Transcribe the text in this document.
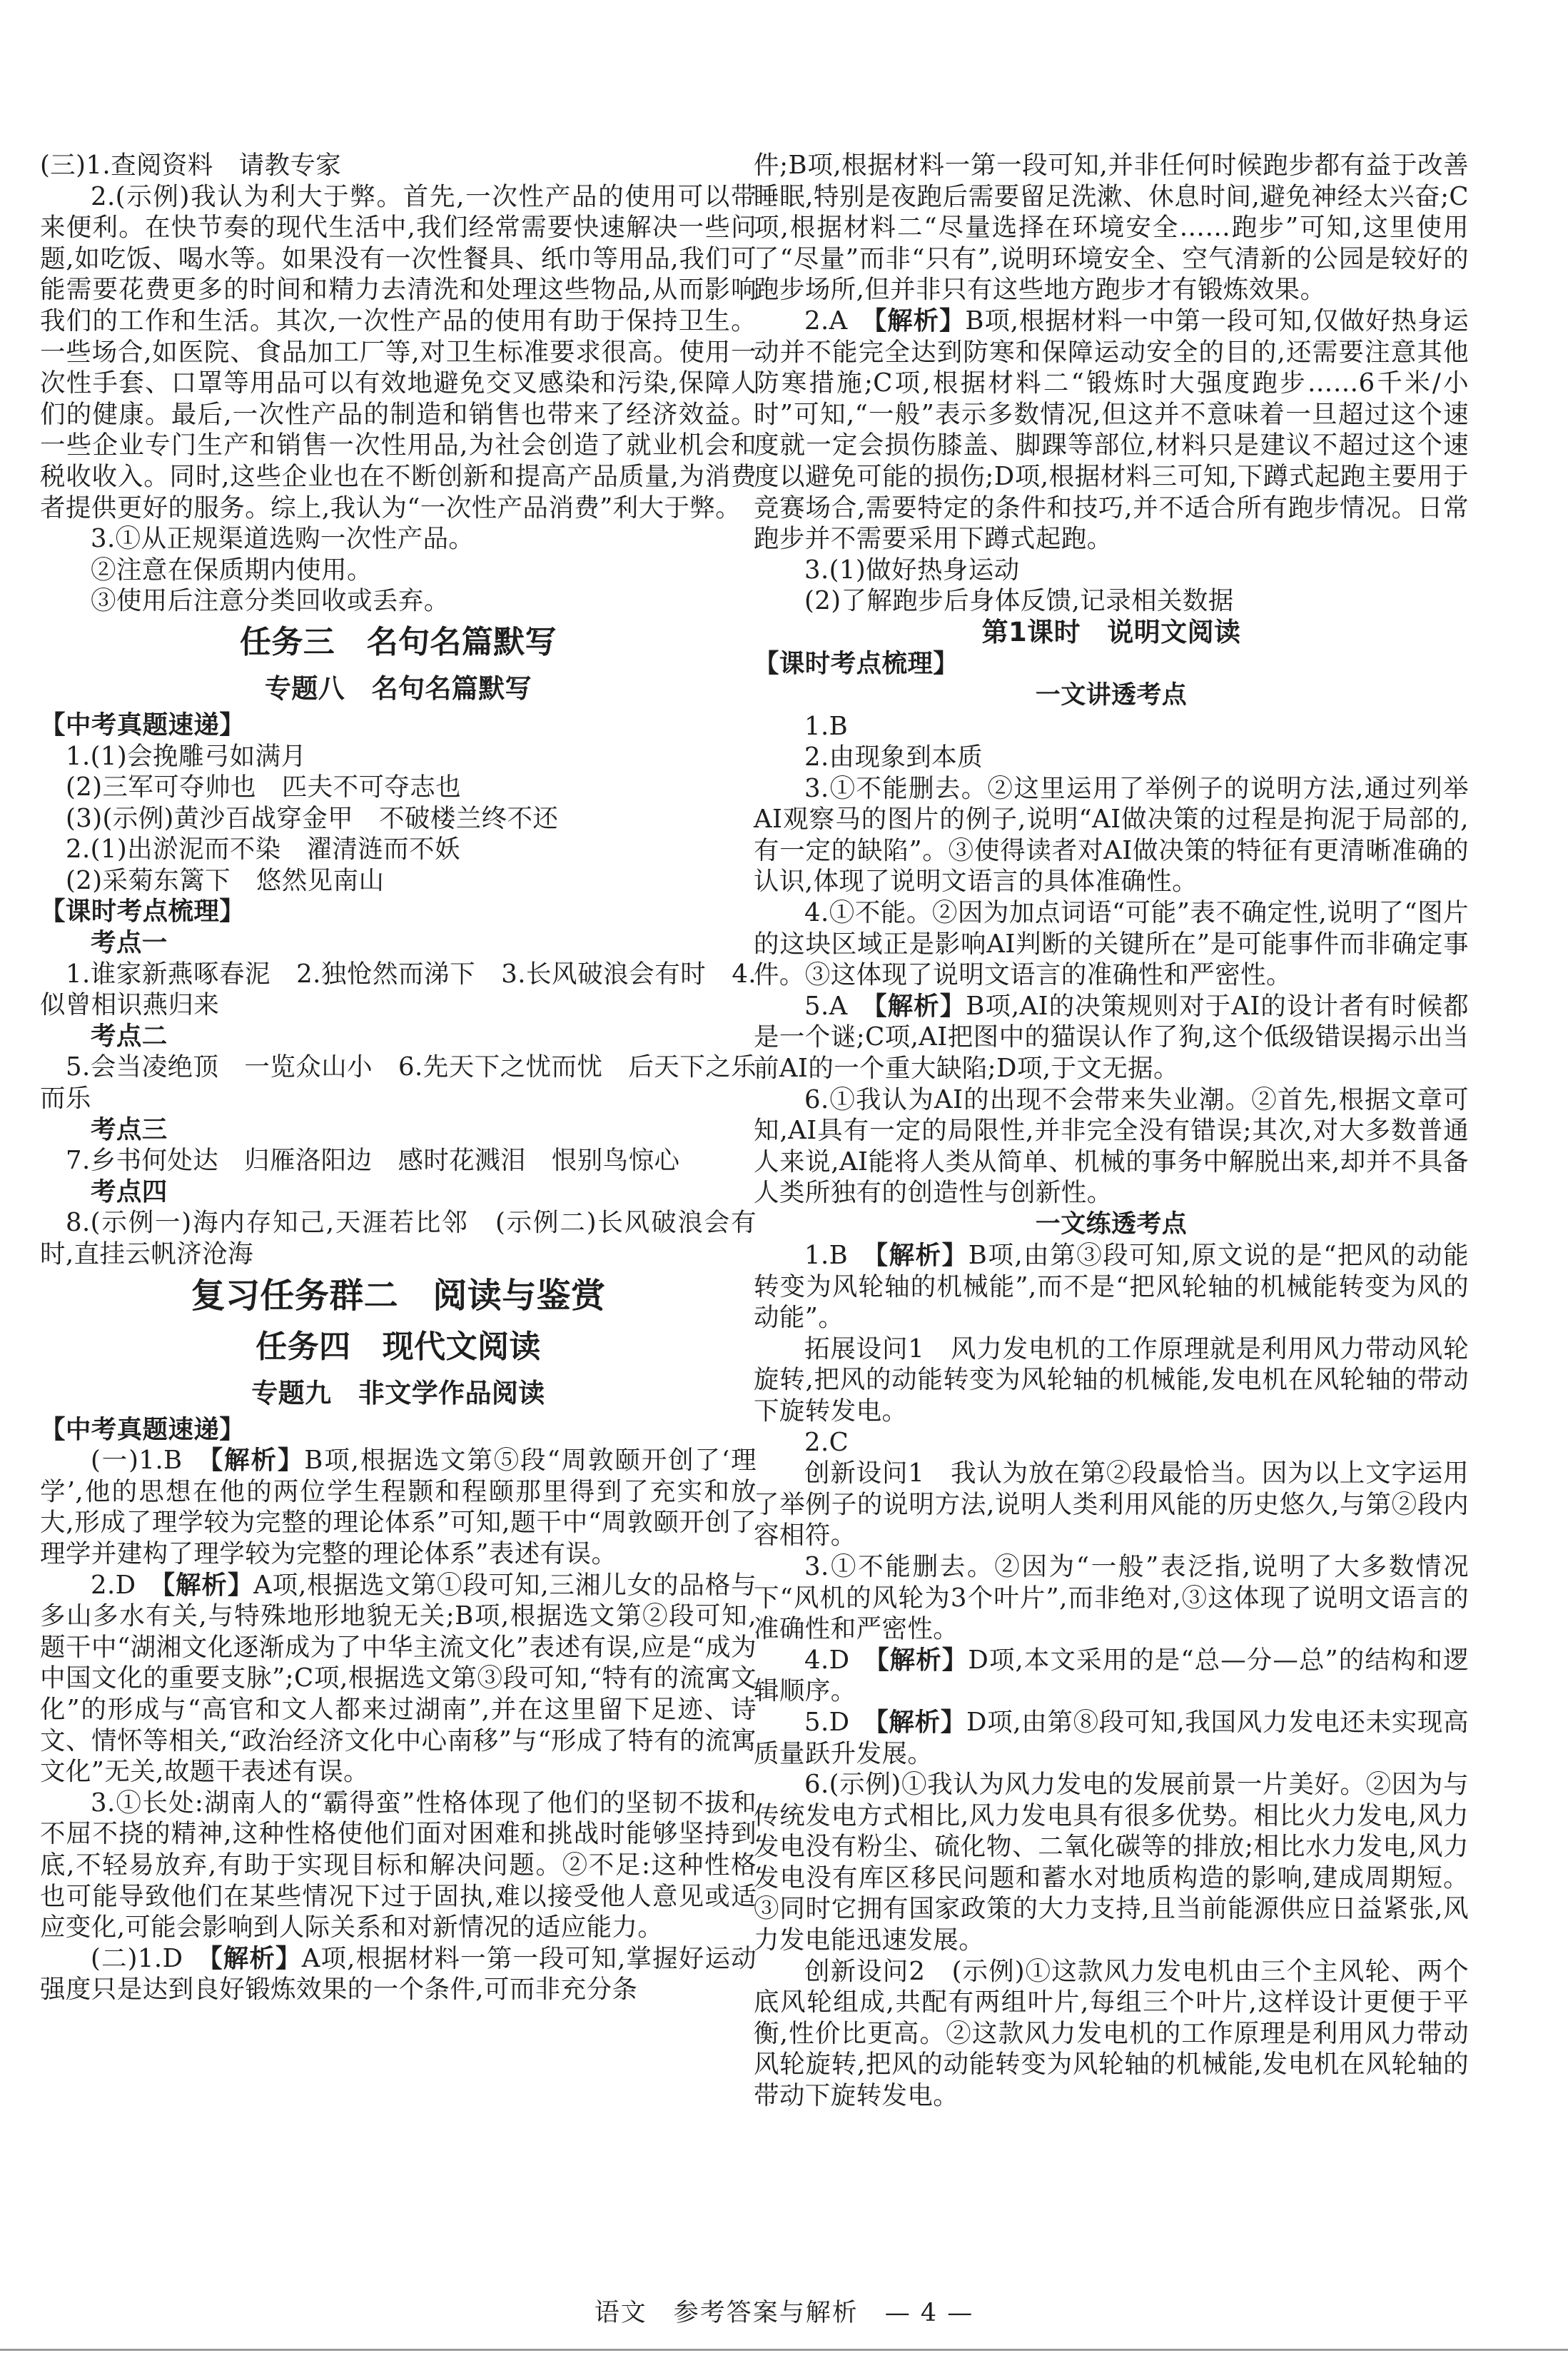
(三)1.查阅资料　请教专家

2.(示例)我认为利大于弊。首先,一次性产品的使用可以带来便利。在快节奏的现代生活中,我们经常需要快速解决一些问题,如吃饭、喝水等。如果没有一次性餐具、纸巾等用品,我们可能需要花费更多的时间和精力去清洗和处理这些物品,从而影响我们的工作和生活。其次,一次性产品的使用有助于保持卫生。一些场合,如医院、食品加工厂等,对卫生标准要求很高。使用一次性手套、口罩等用品可以有效地避免交叉感染和污染,保障人们的健康。最后,一次性产品的制造和销售也带来了经济效益。一些企业专门生产和销售一次性用品,为社会创造了就业机会和税收收入。同时,这些企业也在不断创新和提高产品质量,为消费者提供更好的服务。综上,我认为“一次性产品消费”利大于弊。

3.①从正规渠道选购一次性产品。

②注意在保质期内使用。

③使用后注意分类回收或丢弃。

任务三　名句名篇默写

专题八　名句名篇默写

【中考真题速递】

1.(1)会挽雕弓如满月

(2)三军可夺帅也　匹夫不可夺志也

(3)(示例)黄沙百战穿金甲　不破楼兰终不还

2.(1)出淤泥而不染　濯清涟而不妖

(2)采菊东篱下　悠然见南山

【课时考点梳理】

考点一

1.谁家新燕啄春泥　2.独怆然而涕下　3.长风破浪会有时　4.似曾相识燕归来

考点二

5.会当凌绝顶　一览众山小　6.先天下之忧而忧　后天下之乐而乐

考点三

7.乡书何处达　归雁洛阳边　感时花溅泪　恨别鸟惊心

考点四

8.(示例一)海内存知己,天涯若比邻　(示例二)长风破浪会有时,直挂云帆济沧海

复习任务群二　阅读与鉴赏

任务四　现代文阅读

专题九　非文学作品阅读

【中考真题速递】

(一)1.B　【解析】B项,根据选文第⑤段“周敦颐开创了‘理学’,他的思想在他的两位学生程颢和程颐那里得到了充实和放大,形成了理学较为完整的理论体系”可知,题干中“周敦颐开创了理学并建构了理学较为完整的理论体系”表述有误。

2.D　【解析】A项,根据选文第①段可知,三湘儿女的品格与多山多水有关,与特殊地形地貌无关;B项,根据选文第②段可知,题干中“湖湘文化逐渐成为了中华主流文化”表述有误,应是“成为中国文化的重要支脉”;C项,根据选文第③段可知,“特有的流寓文化”的形成与“高官和文人都来过湖南”,并在这里留下足迹、诗文、情怀等相关,“政治经济文化中心南移”与“形成了特有的流寓文化”无关,故题干表述有误。

3.①长处:湖南人的“霸得蛮”性格体现了他们的坚韧不拔和不屈不挠的精神,这种性格使他们面对困难和挑战时能够坚持到底,不轻易放弃,有助于实现目标和解决问题。②不足:这种性格也可能导致他们在某些情况下过于固执,难以接受他人意见或适应变化,可能会影响到人际关系和对新情况的适应能力。

(二)1.D　【解析】A项,根据材料一第一段可知,掌握好运动强度只是达到良好锻炼效果的一个条件,可而非充分条

件;B项,根据材料一第一段可知,并非任何时候跑步都有益于改善睡眠,特别是夜跑后需要留足洗漱、休息时间,避免神经太兴奋;C项,根据材料二“尽量选择在环境安全……跑步”可知,这里使用了“尽量”而非“只有”,说明环境安全、空气清新的公园是较好的跑步场所,但并非只有这些地方跑步才有锻炼效果。

2.A　【解析】B项,根据材料一中第一段可知,仅做好热身运动并不能完全达到防寒和保障运动安全的目的,还需要注意其他防寒措施;C项,根据材料二“锻炼时大强度跑步……6千米/小时”可知,“一般”表示多数情况,但这并不意味着一旦超过这个速度就一定会损伤膝盖、脚踝等部位,材料只是建议不超过这个速度以避免可能的损伤;D项,根据材料三可知,下蹲式起跑主要用于竞赛场合,需要特定的条件和技巧,并不适合所有跑步情况。日常跑步并不需要采用下蹲式起跑。

3.(1)做好热身运动

(2)了解跑步后身体反馈,记录相关数据

第1课时　说明文阅读

【课时考点梳理】

一文讲透考点

1.B

2.由现象到本质

3.①不能删去。②这里运用了举例子的说明方法,通过列举AI观察马的图片的例子,说明“AI做决策的过程是拘泥于局部的,有一定的缺陷”。③使得读者对AI做决策的特征有更清晰准确的认识,体现了说明文语言的具体准确性。

4.①不能。②因为加点词语“可能”表不确定性,说明了“图片的这块区域正是影响AI判断的关键所在”是可能事件而非确定事件。③这体现了说明文语言的准确性和严密性。

5.A　【解析】B项,AI的决策规则对于AI的设计者有时候都是一个谜;C项,AI把图中的猫误认作了狗,这个低级错误揭示出当前AI的一个重大缺陷;D项,于文无据。

6.①我认为AI的出现不会带来失业潮。②首先,根据文章可知,AI具有一定的局限性,并非完全没有错误;其次,对大多数普通人来说,AI能将人类从简单、机械的事务中解脱出来,却并不具备人类所独有的创造性与创新性。

一文练透考点

1.B　【解析】B项,由第③段可知,原文说的是“把风的动能转变为风轮轴的机械能”,而不是“把风轮轴的机械能转变为风的动能”。

拓展设问1　风力发电机的工作原理就是利用风力带动风轮旋转,把风的动能转变为风轮轴的机械能,发电机在风轮轴的带动下旋转发电。

2.C

创新设问1　我认为放在第②段最恰当。因为以上文字运用了举例子的说明方法,说明人类利用风能的历史悠久,与第②段内容相符。

3.①不能删去。②因为“一般”表泛指,说明了大多数情况下“风机的风轮为3个叶片”,而非绝对,③这体现了说明文语言的准确性和严密性。

4.D　【解析】D项,本文采用的是“总—分—总”的结构和逻辑顺序。

5.D　【解析】D项,由第⑧段可知,我国风力发电还未实现高质量跃升发展。

6.(示例)①我认为风力发电的发展前景一片美好。②因为与传统发电方式相比,风力发电具有很多优势。相比火力发电,风力发电没有粉尘、硫化物、二氧化碳等的排放;相比水力发电,风力发电没有库区移民问题和蓄水对地质构造的影响,建成周期短。③同时它拥有国家政策的大力支持,且当前能源供应日益紧张,风力发电能迅速发展。

创新设问2　(示例)①这款风力发电机由三个主风轮、两个底风轮组成,共配有两组叶片,每组三个叶片,这样设计更便于平衡,性价比更高。②这款风力发电机的工作原理是利用风力带动风轮旋转,把风的动能转变为风轮轴的机械能,发电机在风轮轴的带动下旋转发电。

语文　参考答案与解析　— 4 —
